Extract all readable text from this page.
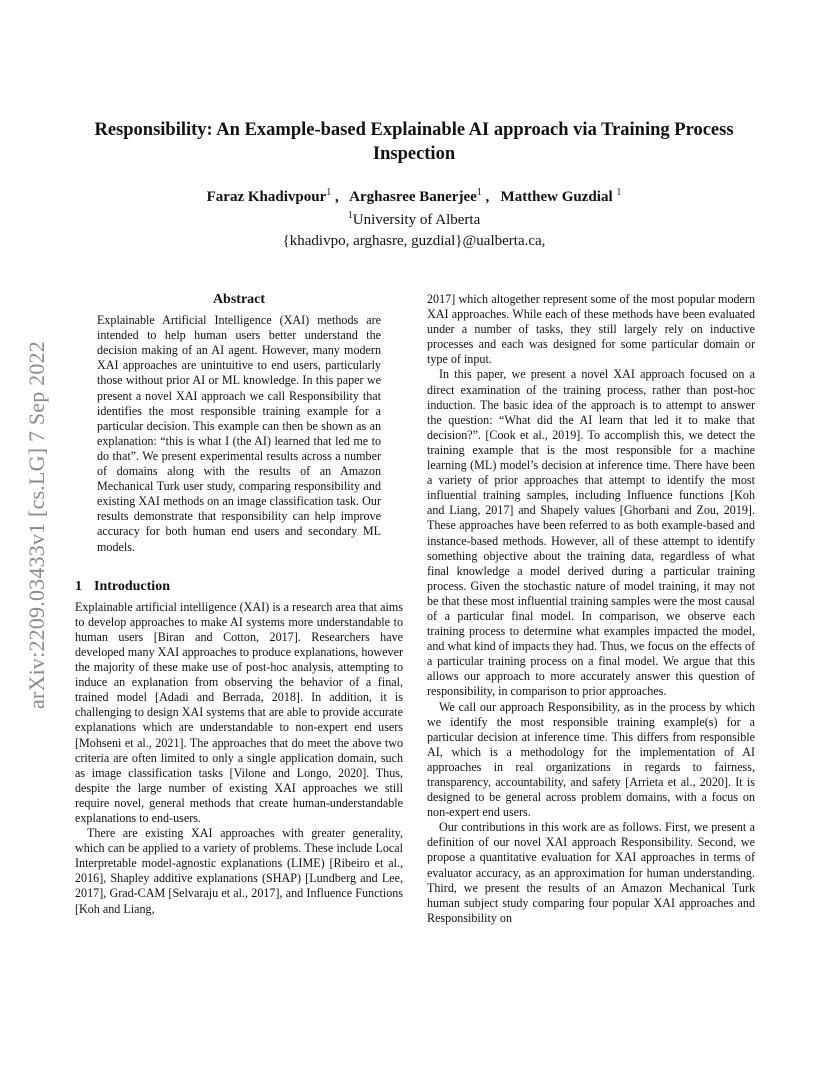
arXiv:2209.03433v1 [cs.LG] 7 Sep 2022
Responsibility: An Example-based Explainable AI approach via Training Process Inspection
Faraz Khadivpour$^1$ ,   Arghasree Banerjee$^1$ ,   Matthew Guzdial $^1$
$^1$University of Alberta
{khadivpo, arghasre, guzdial}@ualberta.ca,
Abstract

Explainable Artificial Intelligence (XAI) methods are intended to help human users better understand the decision making of an AI agent. However, many modern XAI approaches are unintuitive to end users, particularly those without prior AI or ML knowledge. In this paper we present a novel XAI approach we call Responsibility that identifies the most responsible training example for a particular decision. This example can then be shown as an explanation: “this is what I (the AI) learned that led me to do that”. We present experimental results across a number of domains along with the results of an Amazon Mechanical Turk user study, comparing responsibility and existing XAI methods on an image classification task. Our results demonstrate that responsibility can help improve accuracy for both human end users and secondary ML models.

1 Introduction

Explainable artificial intelligence (XAI) is a research area that aims to develop approaches to make AI systems more understandable to human users [Biran and Cotton, 2017]. Researchers have developed many XAI approaches to produce explanations, however the majority of these make use of post-hoc analysis, attempting to induce an explanation from observing the behavior of a final, trained model [Adadi and Berrada, 2018]. In addition, it is challenging to design XAI systems that are able to provide accurate explanations which are understandable to non-expert end users [Mohseni et al., 2021]. The approaches that do meet the above two criteria are often limited to only a single application domain, such as image classification tasks [Vilone and Longo, 2020]. Thus, despite the large number of existing XAI approaches we still require novel, general methods that create human-understandable explanations to end-users.

There are existing XAI approaches with greater generality, which can be applied to a variety of problems. These include Local Interpretable model-agnostic explanations (LIME) [Ribeiro et al., 2016], Shapley additive explanations (SHAP) [Lundberg and Lee, 2017], Grad-CAM [Selvaraju et al., 2017], and Influence Functions [Koh and Liang,

2017] which altogether represent some of the most popular modern XAI approaches. While each of these methods have been evaluated under a number of tasks, they still largely rely on inductive processes and each was designed for some particular domain or type of input.

In this paper, we present a novel XAI approach focused on a direct examination of the training process, rather than post-hoc induction. The basic idea of the approach is to attempt to answer the question: “What did the AI learn that led it to make that decision?”. [Cook et al., 2019]. To accomplish this, we detect the training example that is the most responsible for a machine learning (ML) model’s decision at inference time. There have been a variety of prior approaches that attempt to identify the most influential training samples, including Influence functions [Koh and Liang, 2017] and Shapely values [Ghorbani and Zou, 2019]. These approaches have been referred to as both example-based and instance-based methods. However, all of these attempt to identify something objective about the training data, regardless of what final knowledge a model derived during a particular training process. Given the stochastic nature of model training, it may not be that these most influential training samples were the most causal of a particular final model. In comparison, we observe each training process to determine what examples impacted the model, and what kind of impacts they had. Thus, we focus on the effects of a particular training process on a final model. We argue that this allows our approach to more accurately answer this question of responsibility, in comparison to prior approaches.

We call our approach Responsibility, as in the process by which we identify the most responsible training example(s) for a particular decision at inference time. This differs from responsible AI, which is a methodology for the implementation of AI approaches in real organizations in regards to fairness, transparency, accountability, and safety [Arrieta et al., 2020]. It is designed to be general across problem domains, with a focus on non-expert end users.

Our contributions in this work are as follows. First, we present a definition of our novel XAI approach Responsibility. Second, we propose a quantitative evaluation for XAI approaches in terms of evaluator accuracy, as an approximation for human understanding. Third, we present the results of an Amazon Mechanical Turk human subject study comparing four popular XAI approaches and Responsibility on
